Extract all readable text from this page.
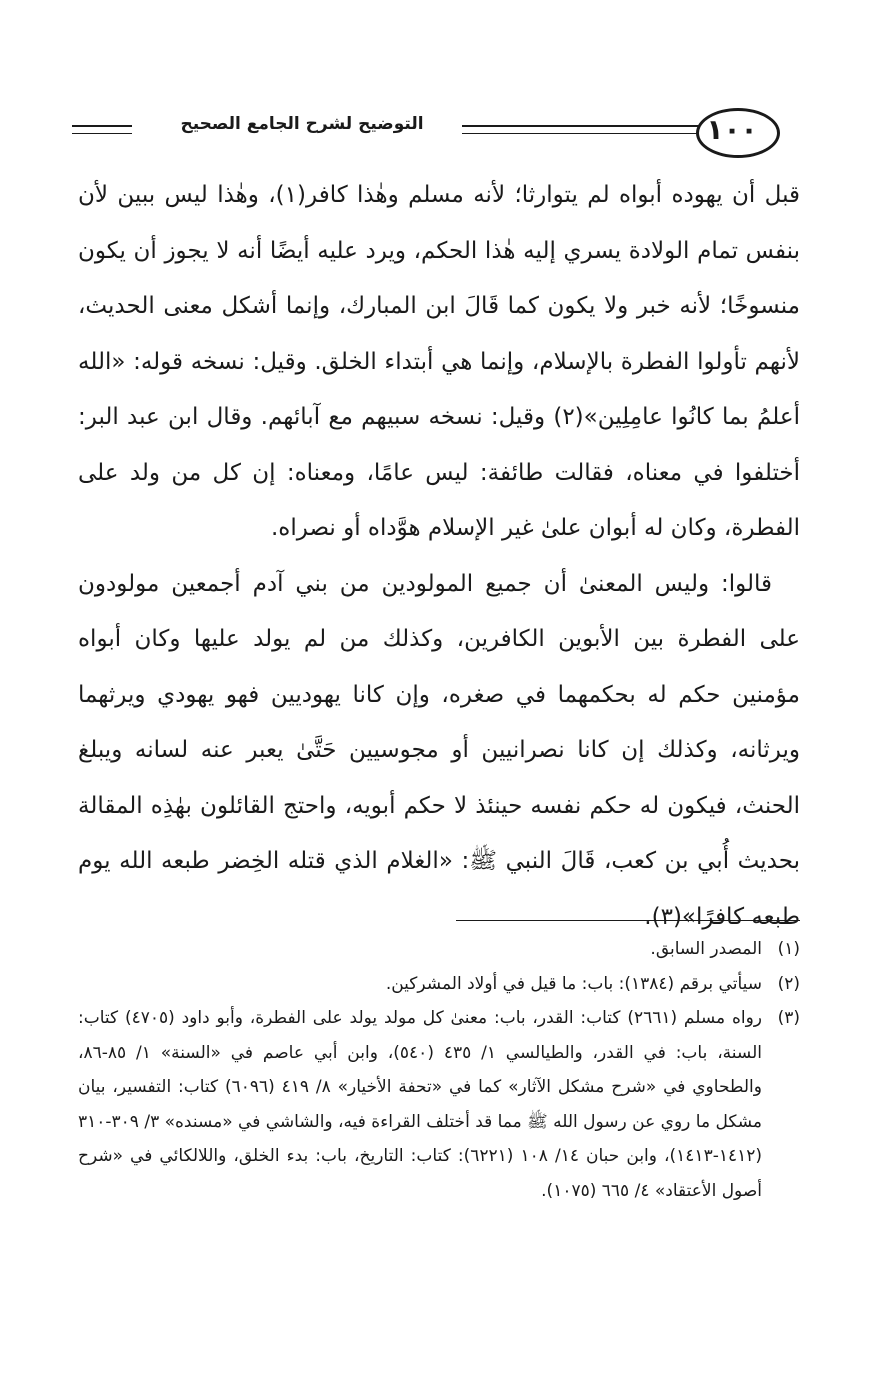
التوضيح لشرح الجامع الصحيح	١٠٠

قبل أن يهوده أبواه لم يتوارثا؛ لأنه مسلم وهٰذا كافر(١)، وهٰذا ليس ببين لأن بنفس تمام الولادة يسري إليه هٰذا الحكم، ويرد عليه أيضًا أنه لا يجوز أن يكون منسوخًا؛ لأنه خبر ولا يكون كما قَالَ ابن المبارك، وإنما أشكل معنى الحديث، لأنهم تأولوا الفطرة بالإسلام، وإنما هي أبتداء الخلق. وقيل: نسخه قوله: «الله أعلمُ بما كانُوا عامِلِين»(٢) وقيل: نسخه سبيهم مع آبائهم. وقال ابن عبد البر: أختلفوا في معناه، فقالت طائفة: ليس عامًا، ومعناه: إن كل من ولد على الفطرة، وكان له أبوان علىٰ غير الإسلام هوَّداه أو نصراه.

قالوا: وليس المعنىٰ أن جميع المولودين من بني آدم أجمعين مولودون على الفطرة بين الأبوين الكافرين، وكذلك من لم يولد عليها وكان أبواه مؤمنين حكم له بحكمهما في صغره، وإن كانا يهوديين فهو يهودي ويرثهما ويرثانه، وكذلك إن كانا نصرانيين أو مجوسيين حَتَّىٰ يعبر عنه لسانه ويبلغ الحنث، فيكون له حكم نفسه حينئذ لا حكم أبويه، واحتج القائلون بهٰذِه المقالة بحديث أُبي بن كعب، قَالَ النبي ﷺ: «الغلام الذي قتله الخِضر طبعه الله يوم طبعه كافرًا»(٣).

(١)
المصدر السابق.
(٢)
سيأتي برقم (١٣٨٤): باب: ما قيل في أولاد المشركين.
(٣)
رواه مسلم (٢٦٦١) كتاب: القدر، باب: معنىٰ كل مولد يولد على الفطرة، وأبو داود (٤٧٠٥) كتاب: السنة، باب: في القدر، والطيالسي ١/ ٤٣٥ (٥٤٠)، وابن أبي عاصم في «السنة» ١/ ٨٥-٨٦، والطحاوي في «شرح مشكل الآثار» كما في «تحفة الأخيار» ٨/ ٤١٩ (٦٠٩٦) كتاب: التفسير، بيان مشكل ما روي عن رسول الله ﷺ مما قد أختلف القراءة فيه، والشاشي في «مسنده» ٣/ ٣٠٩-٣١٠ (١٤١٢-١٤١٣)، وابن حبان ١٤/ ١٠٨ (٦٢٢١): كتاب: التاريخ، باب: بدء الخلق، واللالكائي في «شرح أصول الأعتقاد» ٤/ ٦٦٥ (١٠٧٥).
